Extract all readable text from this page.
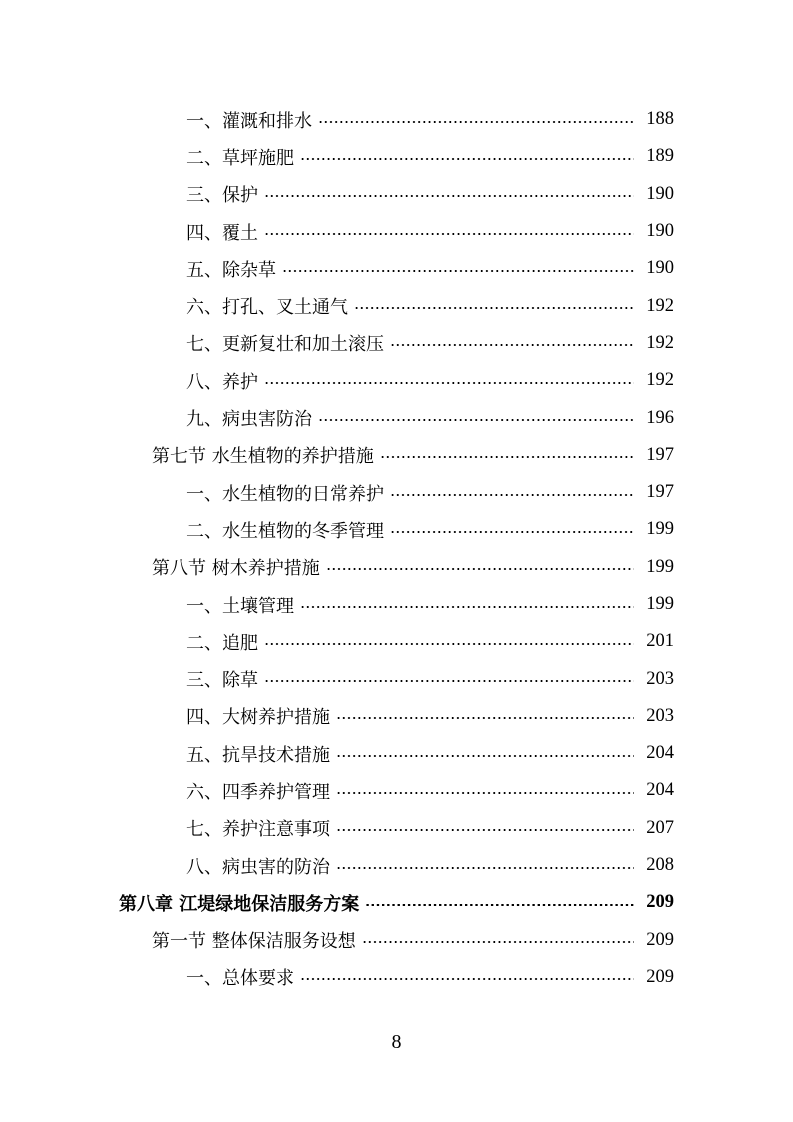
一、灌溉和排水	188
二、草坪施肥	189
三、保护	190
四、覆土	190
五、除杂草	190
六、打孔、叉土通气	192
七、更新复壮和加土滚压	192
八、养护	192
九、病虫害防治	196
第七节 水生植物的养护措施	197
一、水生植物的日常养护	197
二、水生植物的冬季管理	199
第八节 树木养护措施	199
一、土壤管理	199
二、追肥	201
三、除草	203
四、大树养护措施	203
五、抗旱技术措施	204
六、四季养护管理	204
七、养护注意事项	207
八、病虫害的防治	208
第八章 江堤绿地保洁服务方案	209
第一节 整体保洁服务设想	209
一、总体要求	209
8
